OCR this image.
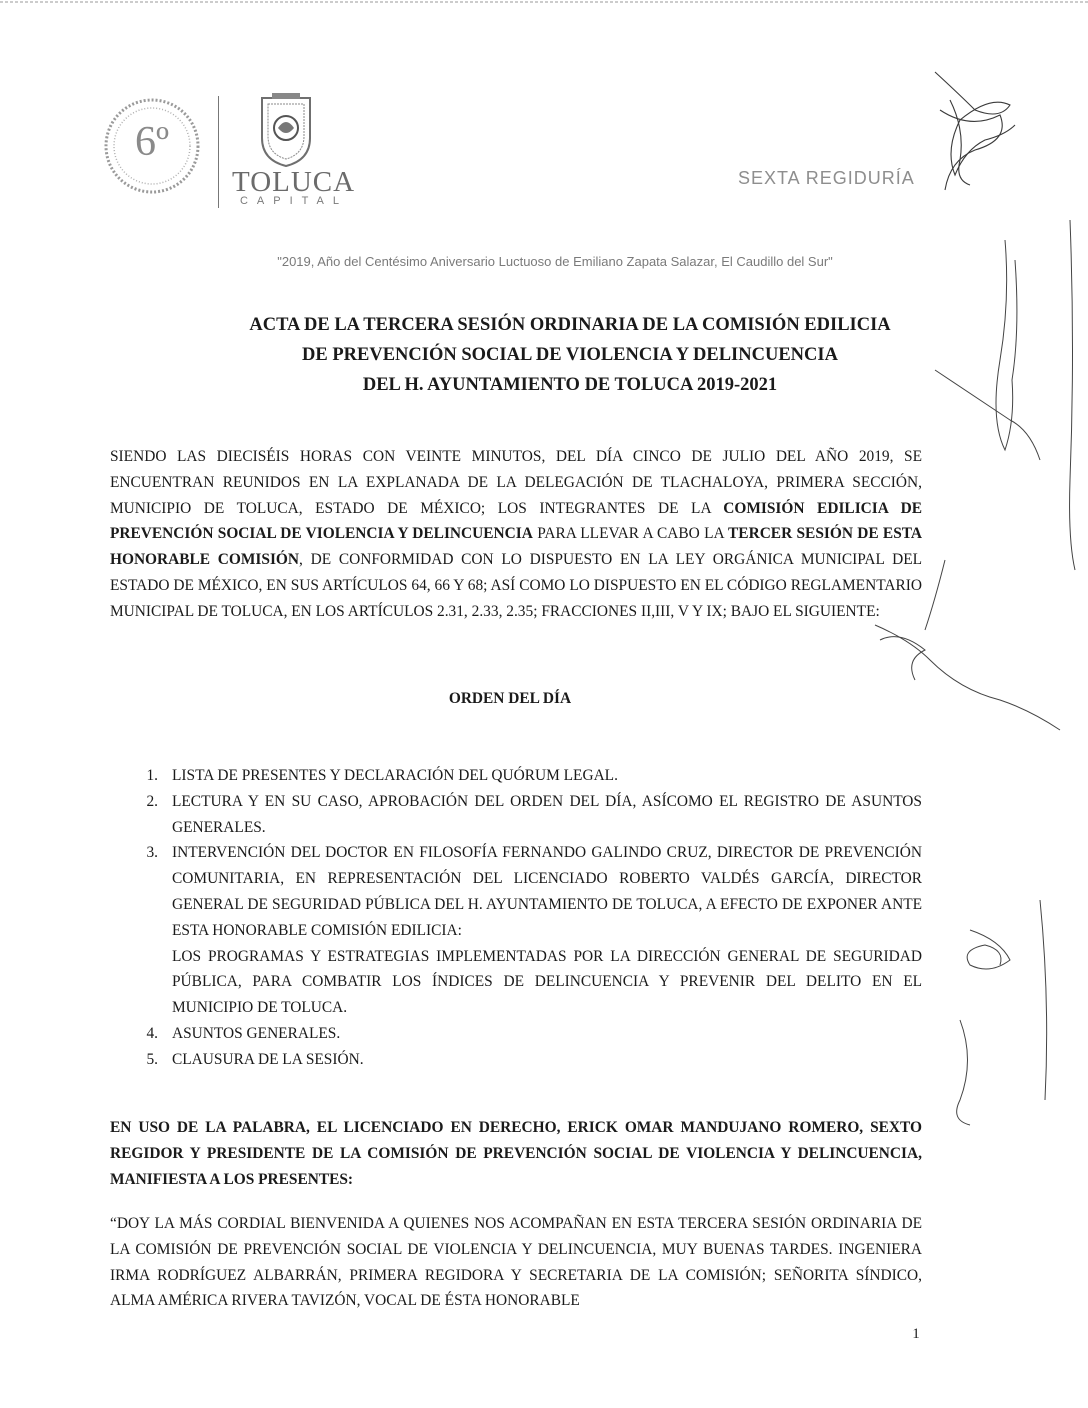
6º
TOLUCA
CAPITAL
SEXTA REGIDURÍA
"2019, Año del Centésimo Aniversario Luctuoso de Emiliano Zapata Salazar, El Caudillo del Sur"
ACTA DE LA TERCERA SESIÓN ORDINARIA DE LA COMISIÓN EDILICIA
DE PREVENCIÓN SOCIAL DE VIOLENCIA Y DELINCUENCIA
DEL H. AYUNTAMIENTO DE TOLUCA 2019-2021
SIENDO LAS DIECISÉIS HORAS CON VEINTE MINUTOS, DEL DÍA CINCO DE JULIO DEL AÑO 2019, SE ENCUENTRAN REUNIDOS EN LA EXPLANADA DE LA DELEGACIÓN DE TLACHALOYA, PRIMERA SECCIÓN, MUNICIPIO DE TOLUCA, ESTADO DE MÉXICO; LOS INTEGRANTES DE LA COMISIÓN EDILICIA DE PREVENCIÓN SOCIAL DE VIOLENCIA Y DELINCUENCIA PARA LLEVAR A CABO LA TERCER SESIÓN DE ESTA HONORABLE COMISIÓN, DE CONFORMIDAD CON LO DISPUESTO EN LA LEY ORGÁNICA MUNICIPAL DEL ESTADO DE MÉXICO, EN SUS ARTÍCULOS 64, 66 Y 68; ASÍ COMO LO DISPUESTO EN EL CÓDIGO REGLAMENTARIO MUNICIPAL DE TOLUCA, EN LOS ARTÍCULOS 2.31, 2.33, 2.35; FRACCIONES II,III, V Y IX; BAJO EL SIGUIENTE:
ORDEN DEL DÍA
1. LISTA DE PRESENTES Y DECLARACIÓN DEL QUÓRUM LEGAL.
2. LECTURA Y EN SU CASO, APROBACIÓN DEL ORDEN DEL DÍA, ASÍCOMO EL REGISTRO DE ASUNTOS GENERALES.
3. INTERVENCIÓN DEL DOCTOR EN FILOSOFÍA FERNANDO GALINDO CRUZ, DIRECTOR DE PREVENCIÓN COMUNITARIA, EN REPRESENTACIÓN DEL LICENCIADO ROBERTO VALDÉS GARCÍA, DIRECTOR GENERAL DE SEGURIDAD PÚBLICA DEL H. AYUNTAMIENTO DE TOLUCA, A EFECTO DE EXPONER ANTE ESTA HONORABLE COMISIÓN EDILICIA:
LOS PROGRAMAS Y ESTRATEGIAS IMPLEMENTADAS POR LA DIRECCIÓN GENERAL DE SEGURIDAD PÚBLICA, PARA COMBATIR LOS ÍNDICES DE DELINCUENCIA Y PREVENIR DEL DELITO EN EL MUNICIPIO DE TOLUCA.
4. ASUNTOS GENERALES.
5. CLAUSURA DE LA SESIÓN.
EN USO DE LA PALABRA, EL LICENCIADO EN DERECHO, ERICK OMAR MANDUJANO ROMERO, SEXTO REGIDOR Y PRESIDENTE DE LA COMISIÓN DE PREVENCIÓN SOCIAL DE VIOLENCIA Y DELINCUENCIA, MANIFIESTA A LOS PRESENTES:
“DOY LA MÁS CORDIAL BIENVENIDA A QUIENES NOS ACOMPAÑAN EN ESTA TERCERA SESIÓN ORDINARIA DE LA COMISIÓN DE PREVENCIÓN SOCIAL DE VIOLENCIA Y DELINCUENCIA, MUY BUENAS TARDES. INGENIERA IRMA RODRÍGUEZ ALBARRÁN, PRIMERA REGIDORA Y SECRETARIA DE LA COMISIÓN; SEÑORITA SÍNDICO, ALMA AMÉRICA RIVERA TAVIZÓN, VOCAL DE ÉSTA HONORABLE
1
